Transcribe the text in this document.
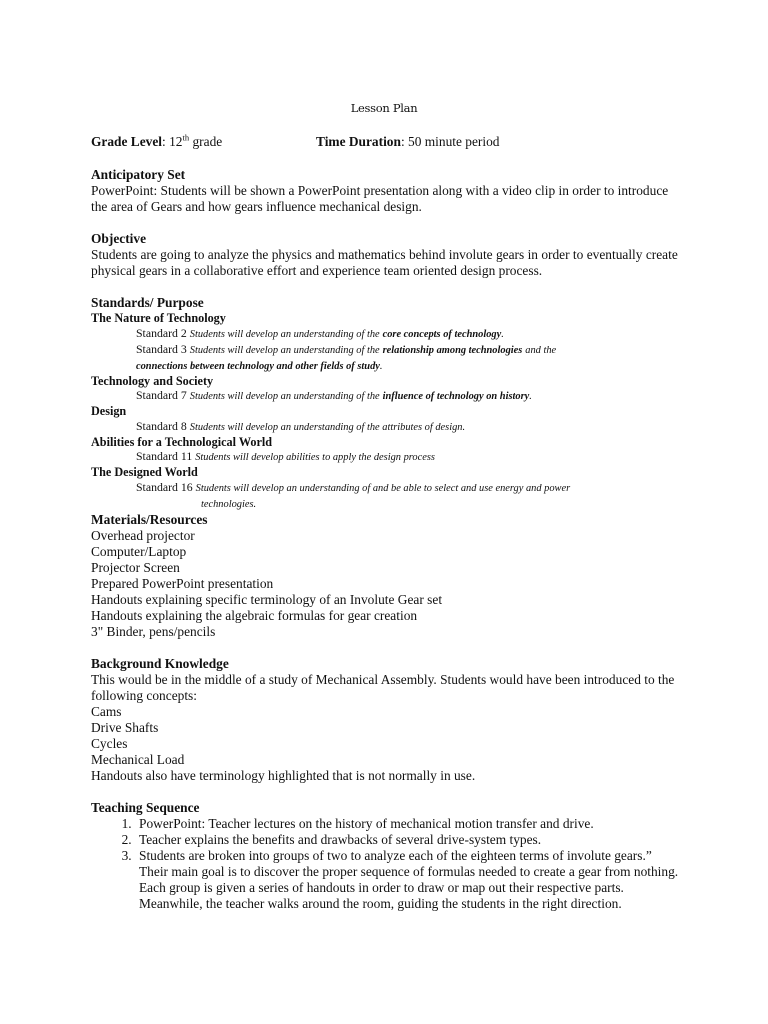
Lesson Plan
Grade Level: 12th grade	Time Duration: 50 minute period
Anticipatory Set
PowerPoint: Students will be shown a PowerPoint presentation along with a video clip in order to introduce the area of Gears and how gears influence mechanical design.
Objective
Students are going to analyze the physics and mathematics behind involute gears in order to eventually create physical gears in a collaborative effort and experience team oriented design process.
Standards/ Purpose
The Nature of Technology
Standard 2 Students will develop an understanding of the core concepts of technology.
Standard 3 Students will develop an understanding of the relationship among technologies and the
connections between technology and other fields of study.
Technology and Society
Standard 7 Students will develop an understanding of the influence of technology on history.
Design
Standard 8 Students will develop an understanding of the attributes of design.
Abilities for a Technological World
Standard 11 Students will develop abilities to apply the design process
The Designed World
Standard 16 Students will develop an understanding of and be able to select and use energy and power
technologies.
Materials/Resources
Overhead projector
Computer/Laptop
Projector Screen
Prepared PowerPoint presentation
Handouts explaining specific terminology of an Involute Gear set
Handouts explaining the algebraic formulas for gear creation
3" Binder, pens/pencils
Background Knowledge
This would be in the middle of a study of Mechanical Assembly. Students would have been introduced to the following concepts:
Cams
Drive Shafts
Cycles
Mechanical Load
Handouts also have terminology highlighted that is not normally in use.
Teaching Sequence
1. PowerPoint: Teacher lectures on the history of mechanical motion transfer and drive.
2. Teacher explains the benefits and drawbacks of several drive-system types.
3. Students are broken into groups of two to analyze each of the eighteen terms of involute gears.” Their main goal is to discover the proper sequence of formulas needed to create a gear from nothing. Each group is given a series of handouts in order to draw or map out their respective parts. Meanwhile, the teacher walks around the room, guiding the students in the right direction.
